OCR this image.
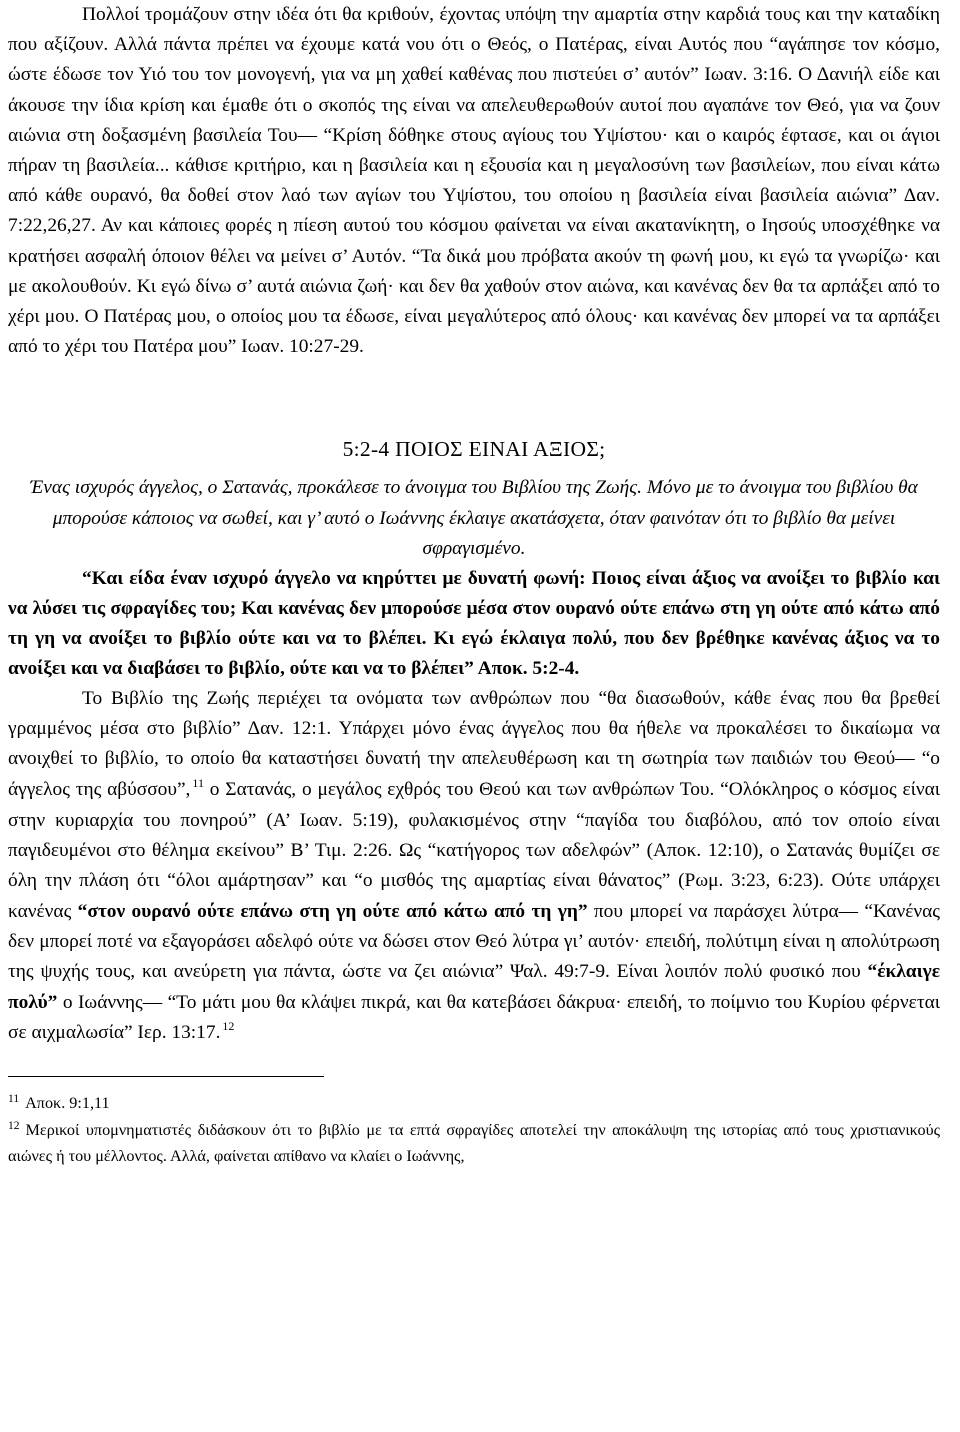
Πολλοί τρομάζουν στην ιδέα ότι θα κριθούν, έχοντας υπόψη την αμαρτία στην καρδιά τους και την καταδίκη που αξίζουν. Αλλά πάντα πρέπει να έχουμε κατά νου ότι ο Θεός, ο Πατέρας, είναι Αυτός που “αγάπησε τον κόσμο, ώστε έδωσε τον Υιό του τον μονογενή, για να μη χαθεί καθένας που πιστεύει σ’ αυτόν” Ιωαν. 3:16. Ο Δανιήλ είδε και άκουσε την ίδια κρίση και έμαθε ότι ο σκοπός της είναι να απελευθερωθούν αυτοί που αγαπάνε τον Θεό, για να ζουν αιώνια στη δοξασμένη βασιλεία Του— “Κρίση δόθηκε στους αγίους του Υψίστου· και ο καιρός έφτασε, και οι άγιοι πήραν τη βασιλεία... κάθισε κριτήριο, και η βασιλεία και η εξουσία και η μεγαλοσύνη των βασιλείων, που είναι κάτω από κάθε ουρανό, θα δοθεί στον λαό των αγίων του Υψίστου, του οποίου η βασιλεία είναι βασιλεία αιώνια” Δαν. 7:22,26,27. Αν και κάποιες φορές η πίεση αυτού του κόσμου φαίνεται να είναι ακατανίκητη, ο Ιησούς υποσχέθηκε να κρατήσει ασφαλή όποιον θέλει να μείνει σ’ Αυτόν. “Τα δικά μου πρόβατα ακούν τη φωνή μου, κι εγώ τα γνωρίζω· και με ακολουθούν. Κι εγώ δίνω σ’ αυτά αιώνια ζωή· και δεν θα χαθούν στον αιώνα, και κανένας δεν θα τα αρπάξει από το χέρι μου. Ο Πατέρας μου, ο οποίος μου τα έδωσε, είναι μεγαλύτερος από όλους· και κανένας δεν μπορεί να τα αρπάξει από το χέρι του Πατέρα μου” Ιωαν. 10:27-29.

5:2-4 ΠΟΙΟΣ ΕΙΝΑΙ ΑΞΙΟΣ;

Ένας ισχυρός άγγελος, ο Σατανάς, προκάλεσε το άνοιγμα του Βιβλίου της Ζωής. Μόνο με το άνοιγμα του βιβλίου θα μπορούσε κάποιος να σωθεί, και γ’ αυτό ο Ιωάννης έκλαιγε ακατάσχετα, όταν φαινόταν ότι το βιβλίο θα μείνει σφραγισμένο.

“Και είδα έναν ισχυρό άγγελο να κηρύττει με δυνατή φωνή: Ποιος είναι άξιος να ανοίξει το βιβλίο και να λύσει τις σφραγίδες του; Και κανένας δεν μπορούσε μέσα στον ουρανό ούτε επάνω στη γη ούτε από κάτω από τη γη να ανοίξει το βιβλίο ούτε και να το βλέπει. Κι εγώ έκλαιγα πολύ, που δεν βρέθηκε κανένας άξιος να το ανοίξει και να διαβάσει το βιβλίο, ούτε και να το βλέπει” Αποκ. 5:2-4.

Το Βιβλίο της Ζωής περιέχει τα ονόματα των ανθρώπων που “θα διασωθούν, κάθε ένας που θα βρεθεί γραμμένος μέσα στο βιβλίο” Δαν. 12:1. Υπάρχει μόνο ένας άγγελος που θα ήθελε να προκαλέσει το δικαίωμα να ανοιχθεί το βιβλίο, το οποίο θα καταστήσει δυνατή την απελευθέρωση και τη σωτηρία των παιδιών του Θεού— “ο άγγελος της αβύσσου”, $^{11}$ ο Σατανάς, ο μεγάλος εχθρός του Θεού και των ανθρώπων Του. “Ολόκληρος ο κόσμος είναι στην κυριαρχία του πονηρού” (Α’ Ιωαν. 5:19), φυλακισμένος στην “παγίδα του διαβόλου, από τον οποίο είναι παγιδευμένοι στο θέλημα εκείνου” Β’ Τιμ. 2:26. Ως “κατήγορος των αδελφών” (Αποκ. 12:10), ο Σατανάς θυμίζει σε όλη την πλάση ότι “όλοι αμάρτησαν” και “ο μισθός της αμαρτίας είναι θάνατος” (Ρωμ. 3:23, 6:23). Ούτε υπάρχει κανένας “στον ουρανό ούτε επάνω στη γη ούτε από κάτω από τη γη” που μπορεί να παράσχει λύτρα— “Κανένας δεν μπορεί ποτέ να εξαγοράσει αδελφό ούτε να δώσει στον Θεό λύτρα γι’ αυτόν· επειδή, πολύτιμη είναι η απολύτρωση της ψυχής τους, και ανεύρετη για πάντα, ώστε να ζει αιώνια” Ψαλ. 49:7-9. Είναι λοιπόν πολύ φυσικό που “έκλαιγε πολύ” ο Ιωάννης— “Το μάτι μου θα κλάψει πικρά, και θα κατεβάσει δάκρυα· επειδή, το ποίμνιο του Κυρίου φέρνεται σε αιχμαλωσία” Ιερ. 13:17. $^{12}$

$^{11}$ Αποκ. 9:1,11
$^{12}$ Μερικοί υπομνηματιστές διδάσκουν ότι το βιβλίο με τα επτά σφραγίδες αποτελεί την αποκάλυψη της ιστορίας από τους χριστιανικούς αιώνες ή του μέλλοντος. Αλλά, φαίνεται απίθανο να κλαίει ο Ιωάννης,
